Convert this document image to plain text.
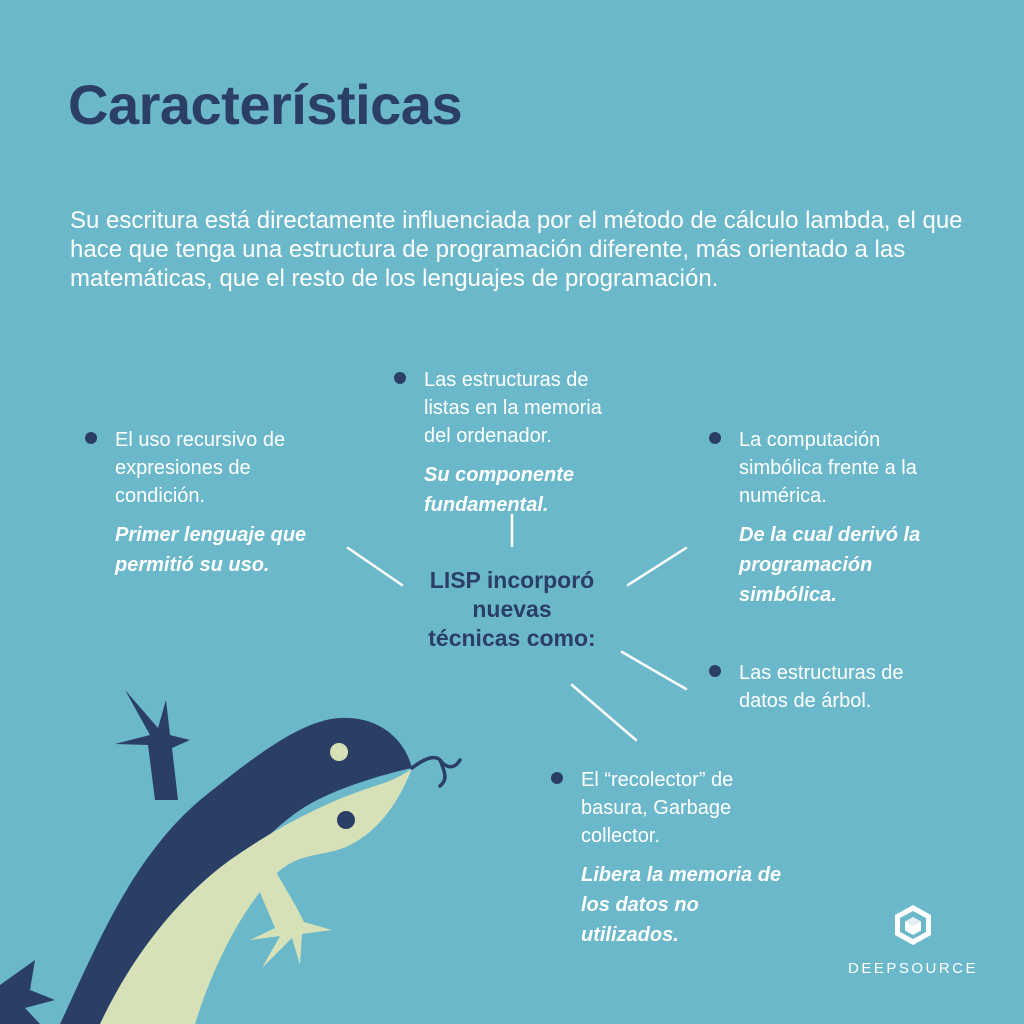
Características

Su escritura está directamente influenciada por el método de cálculo lambda, el que hace que tenga una estructura de programación diferente, más orientado a las matemáticas, que el resto de los lenguajes de programación.

LISP incorporó
nuevas
técnicas como:
El uso recursivo de
expresiones de
condición.
Primer lenguaje que
permitió su uso.
Las estructuras de
listas en la memoria
del ordenador.
Su componente
fundamental.
La computación
simbólica frente a la
numérica.
De la cual derivó la
programación
simbólica.
Las estructuras de
datos de árbol.
El “recolector” de
basura, Garbage
collector.
Libera la memoria de
los datos no
utilizados.
DEEPSOURCE
